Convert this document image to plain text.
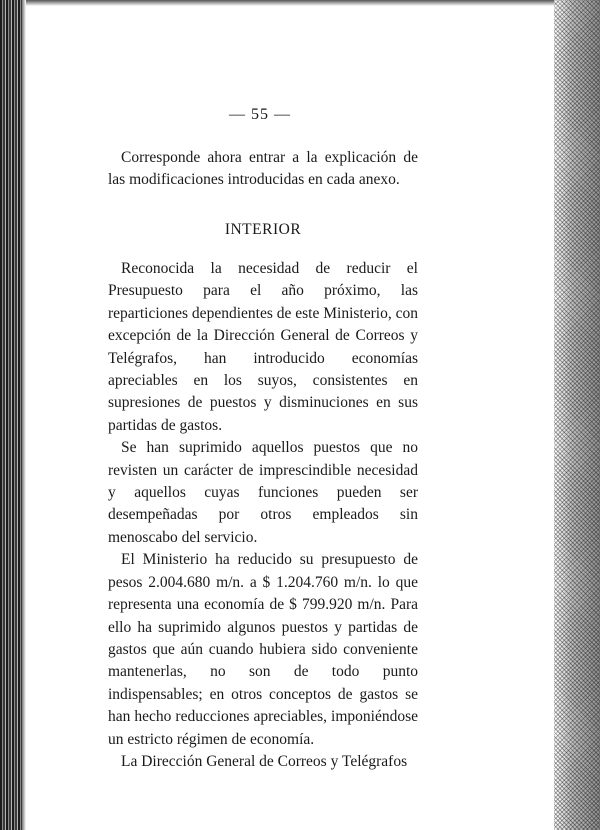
— 55 —

Corresponde ahora entrar a la explicación de las modificaciones introducidas en cada anexo.

INTERIOR

Reconocida la necesidad de reducir el Presupuesto para el año próximo, las reparticiones dependientes de este Ministerio, con excepción de la Dirección General de Correos y Telégrafos, han introducido economías apreciables en los suyos, consistentes en supresiones de puestos y disminuciones en sus partidas de gastos.

Se han suprimido aquellos puestos que no revisten un carácter de imprescindible necesidad y aquellos cuyas funciones pueden ser desempeñadas por otros empleados sin menoscabo del servicio.

El Ministerio ha reducido su presupuesto de pesos 2.004.680 m/n. a $ 1.204.760 m/n. lo que representa una economía de $ 799.920 m/n. Para ello ha suprimido algunos puestos y partidas de gastos que aún cuando hubiera sido conveniente mantenerlas, no son de todo punto indispensables; en otros conceptos de gastos se han hecho reducciones apreciables, imponiéndose un estricto régimen de economía.

La Dirección General de Correos y Telégrafos
